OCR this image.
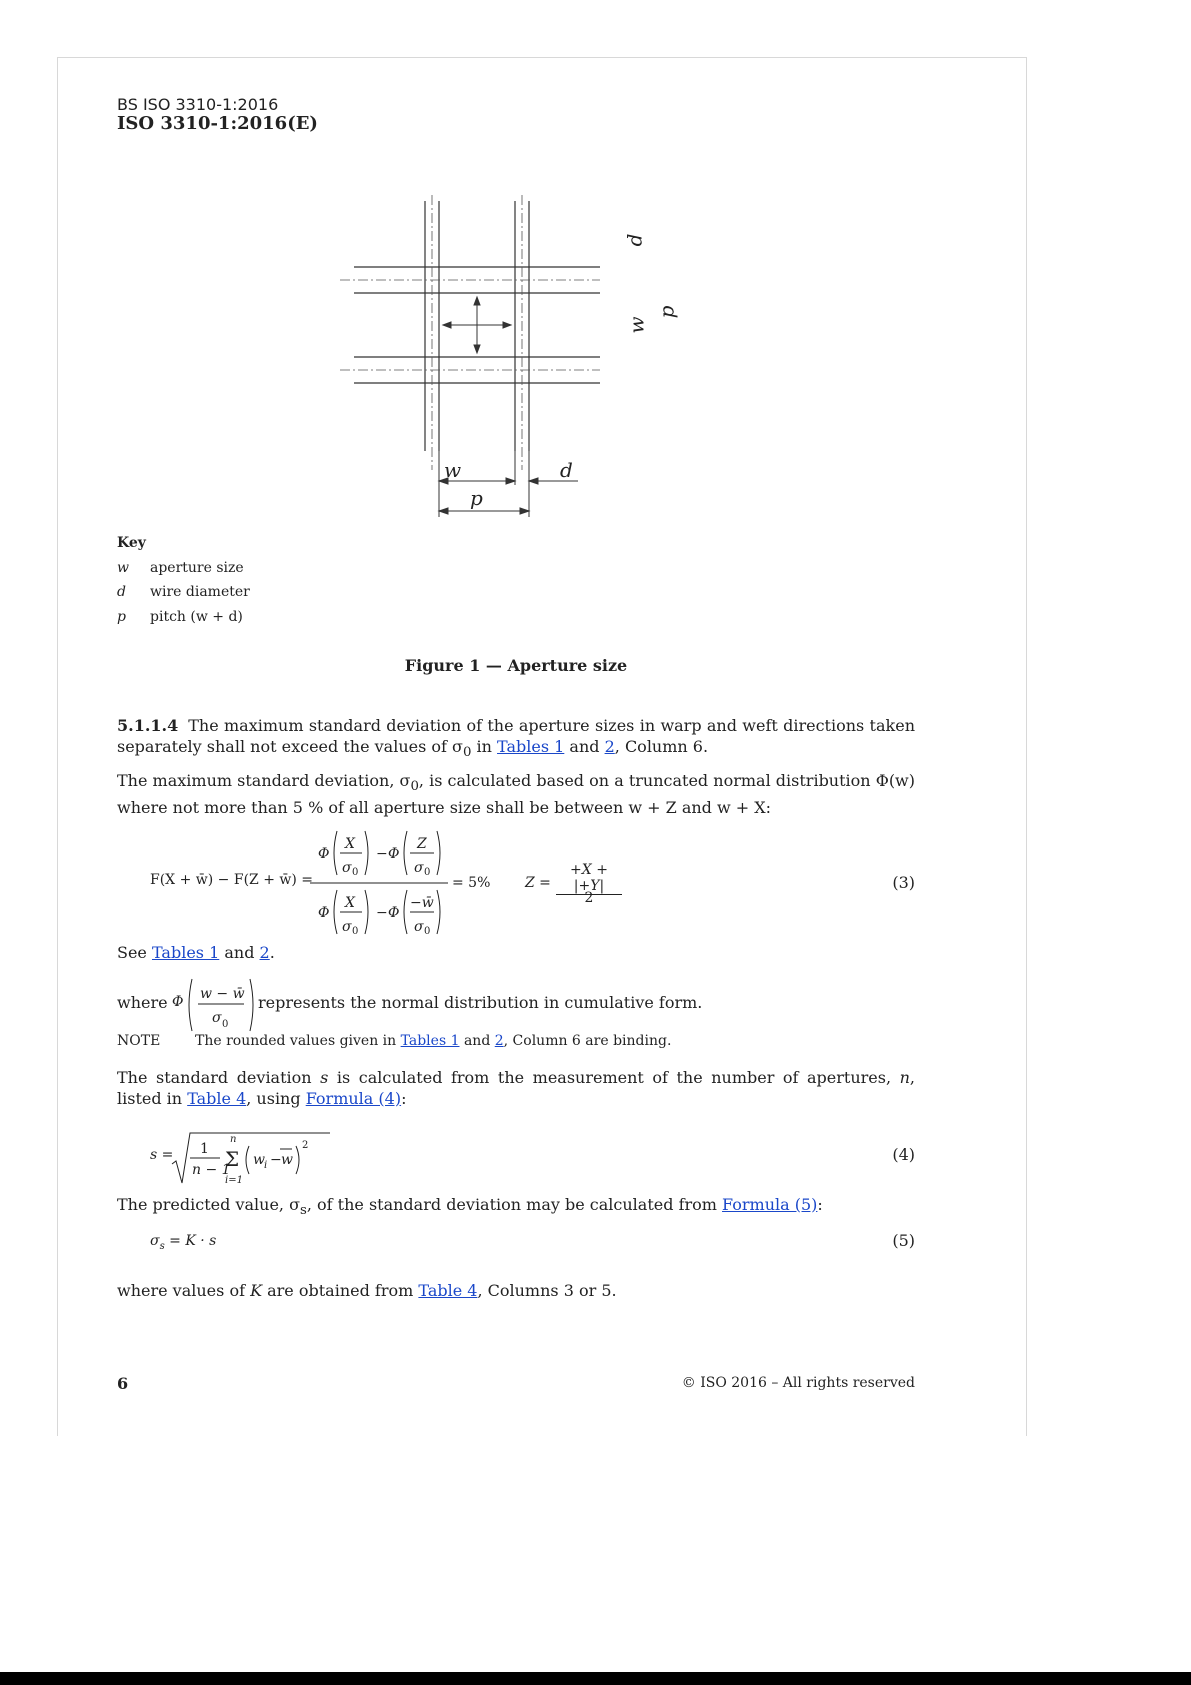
BS ISO 3310-1:2016
ISO 3310-1:2016(E)
w	d
p
d
w
p
Key
w aperture size
d wire diameter
p pitch (w + d)
Figure 1 — Aperture size
5.1.1.4 The maximum standard deviation of the aperture sizes in warp and weft directions taken separately shall not exceed the values of $\sigma_0$ in Tables 1 and 2, Column 6.
The maximum standard deviation, $\sigma_0$, is calculated based on a truncated normal distribution Φ(w) where not more than 5 % of all aperture size shall be between w + Z and w + X:
F(X + w̄) − F(Z + w̄) =
Φ
X
σ 0
− Φ
Z
σ 0
Φ
X
σ 0
− Φ
−w̄
σ 0
= 5% Z =
+X + |+Y|
2
(3)
See Tables 1 and 2.
where Φ w − w̄
σ 0
represents the normal distribution in cumulative form.
NOTE The rounded values given in Tables 1 and 2, Column 6 are binding.
The standard deviation s is calculated from the measurement of the number of apertures, n, listed in Table 4, using Formula (4):
s = 1
n − 1
n
Σ
i=1
w i − w
2	(4)
The predicted value, $\sigma_s$, of the standard deviation may be calculated from Formula (5):
$\sigma_s = K \cdot s$	(5)
where values of K are obtained from Table 4, Columns 3 or 5.
6	© ISO 2016 – All rights reserved
